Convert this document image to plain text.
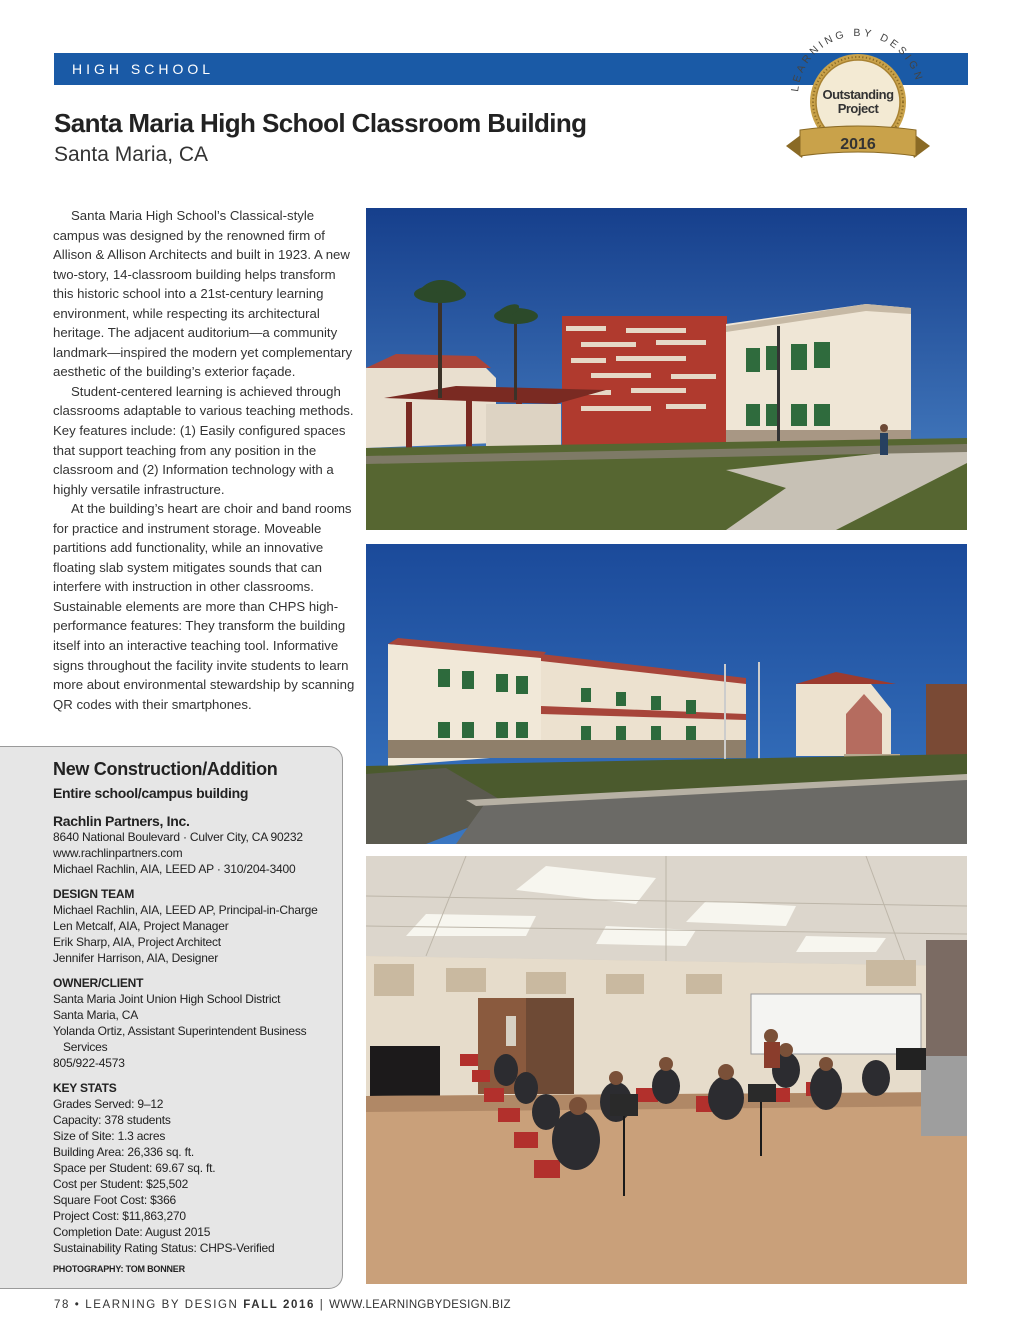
HIGH SCHOOL
LEARNING BY DESIGN
Outstanding
Project
2016
Santa Maria High School Classroom Building
Santa Maria, CA

Santa Maria High School’s Classical-style campus was designed by the renowned firm of Allison & Allison Architects and built in 1923. A new two-story, 14-classroom building helps transform this historic school into a 21st-century learning environment, while respecting its architectural heritage. The adjacent auditorium—a community landmark—inspired the modern yet complementary aesthetic of the building’s exterior façade.

Student-centered learning is achieved through classrooms adaptable to various teaching methods. Key features include: (1) Easily configured spaces that support teaching from any position in the classroom and (2) Information technology with a highly versatile infrastructure.

At the building’s heart are choir and band rooms for practice and instrument storage. Moveable partitions add functionality, while an innovative floating slab system mitigates sounds that can interfere with instruction in other classrooms. Sustainable elements are more than CHPS high-performance features: They transform the building itself into an interactive teaching tool. Informative signs throughout the facility invite students to learn more about environmental stewardship by scanning QR codes with their smartphones.

New Construction/Addition
Entire school/campus building
Rachlin Partners, Inc.
8640 National Boulevard · Culver City, CA 90232
www.rachlinpartners.com
Michael Rachlin, AIA, LEED AP · 310/204-3400
DESIGN TEAM
Michael Rachlin, AIA, LEED AP, Principal-in-Charge
Len Metcalf, AIA, Project Manager
Erik Sharp, AIA, Project Architect
Jennifer Harrison, AIA, Designer
OWNER/CLIENT
Santa Maria Joint Union High School District
Santa Maria, CA
Yolanda Ortiz, Assistant Superintendent Business
Services
805/922-4573
KEY STATS
Grades Served: 9–12
Capacity: 378 students
Size of Site: 1.3 acres
Building Area: 26,336 sq. ft.
Space per Student: 69.67 sq. ft.
Cost per Student: $25,502
Square Foot Cost: $366
Project Cost: $11,863,270
Completion Date: August 2015
Sustainability Rating Status: CHPS-Verified
PHOTOGRAPHY: TOM BONNER
78 • LEARNING BY DESIGN FALL 2016 | WWW.LEARNINGBYDESIGN.BIZ
